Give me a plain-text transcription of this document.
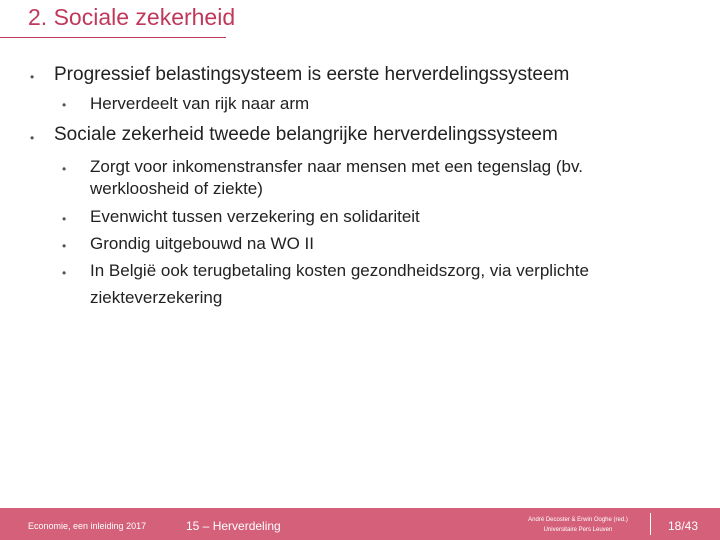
2. Sociale zekerheid
• Progressief belastingsysteem is eerste herverdelingssysteem
• Herverdeelt van rijk naar arm
• Sociale zekerheid tweede belangrijke herverdelingssysteem
• Zorgt voor inkomenstransfer naar mensen met een tegenslag (bv.
werkloosheid of ziekte)
• Evenwicht tussen verzekering en solidariteit
• Grondig uitgebouwd na WO II
• In België ook terugbetaling kosten gezondheidszorg, via verplichte
ziekteverzekering
Economie, een inleiding 2017	15 – Herverdeling	André Decoster & Erwin Ooghe (red.)
Universitaire Pers Leuven	18/43
